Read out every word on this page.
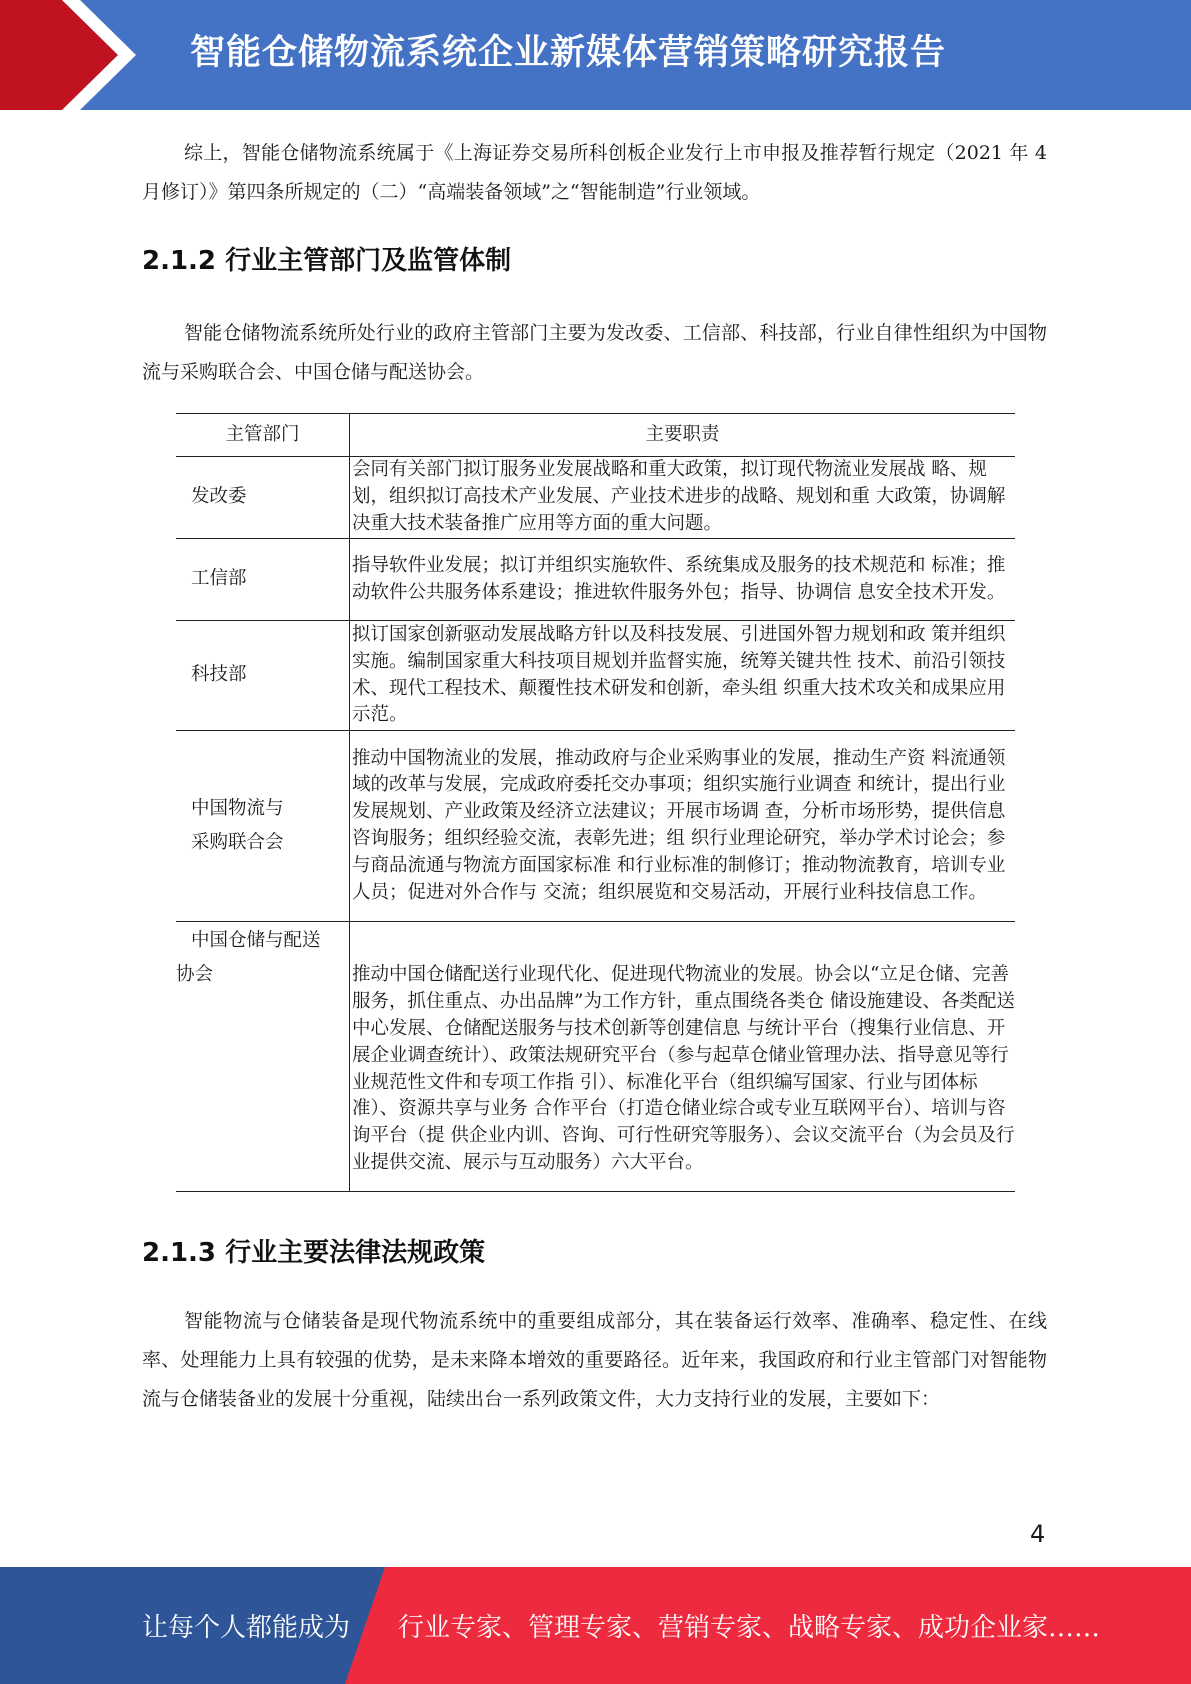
智能仓储物流系统企业新媒体营销策略研究报告

综上，智能仓储物流系统属于《上海证券交易所科创板企业发行上市申报及推荐暂行规定（2021 年 4 月修订）》第四条所规定的（二）“高端装备领域”之“智能制造”行业领域。

2.1.2 行业主管部门及监管体制

智能仓储物流系统所处行业的政府主管部门主要为发改委、工信部、科技部，行业自律性组织为中国物流与采购联合会、中国仓储与配送协会。

主管部门	主要职责
发改委	会同有关部门拟订服务业发展战略和重大政策，拟订现代物流业发展战 略、规划，组织拟订高技术产业发展、产业技术进步的战略、规划和重 大政策，协调解决重大技术装备推广应用等方面的重大问题。
工信部	指导软件业发展；拟订并组织实施软件、系统集成及服务的技术规范和 标准；推动软件公共服务体系建设；推进软件服务外包；指导、协调信 息安全技术开发。
科技部	拟订国家创新驱动发展战略方针以及科技发展、引进国外智力规划和政 策并组织实施。编制国家重大科技项目规划并监督实施，统筹关键共性 技术、前沿引领技术、现代工程技术、颠覆性技术研发和创新，牵头组 织重大技术攻关和成果应用示范。

中国物流与采购联合会	推动中国物流业的发展，推动政府与企业采购事业的发展，推动生产资 料流通领域的改革与发展，完成政府委托交办事项；组织实施行业调查 和统计，提出行业发展规划、产业政策及经济立法建议；开展市场调 查，分析市场形势，提供信息咨询服务；组织经验交流，表彰先进；组 织行业理论研究，举办学术讨论会；参与商品流通与物流方面国家标准 和行业标准的制修订；推动物流教育，培训专业人员；促进对外合作与 交流；组织展览和交易活动，开展行业科技信息工作。

中国仓储与配送协会	推动中国仓储配送行业现代化、促进现代物流业的发展。协会以“立足仓储、完善服务，抓住重点、办出品牌”为工作方针，重点围绕各类仓 储设施建设、各类配送中心发展、仓储配送服务与技术创新等创建信息 与统计平台（搜集行业信息、开展企业调查统计）、政策法规研究平台（参与起草仓储业管理办法、指导意见等行业规范性文件和专项工作指 引）、标准化平台（组织编写国家、行业与团体标准）、资源共享与业务 合作平台（打造仓储业综合或专业互联网平台）、培训与咨询平台（提 供企业内训、咨询、可行性研究等服务）、会议交流平台（为会员及行 业提供交流、展示与互动服务）六大平台。
2.1.3 行业主要法律法规政策

智能物流与仓储装备是现代物流系统中的重要组成部分，其在装备运行效率、准确率、稳定性、在线率、处理能力上具有较强的优势，是未来降本增效的重要路径。近年来，我国政府和行业主管部门对智能物流与仓储装备业的发展十分重视，陆续出台一系列政策文件，大力支持行业的发展，主要如下：

4
让每个人都能成为 行业专家、管理专家、营销专家、战略专家、成功企业家……
